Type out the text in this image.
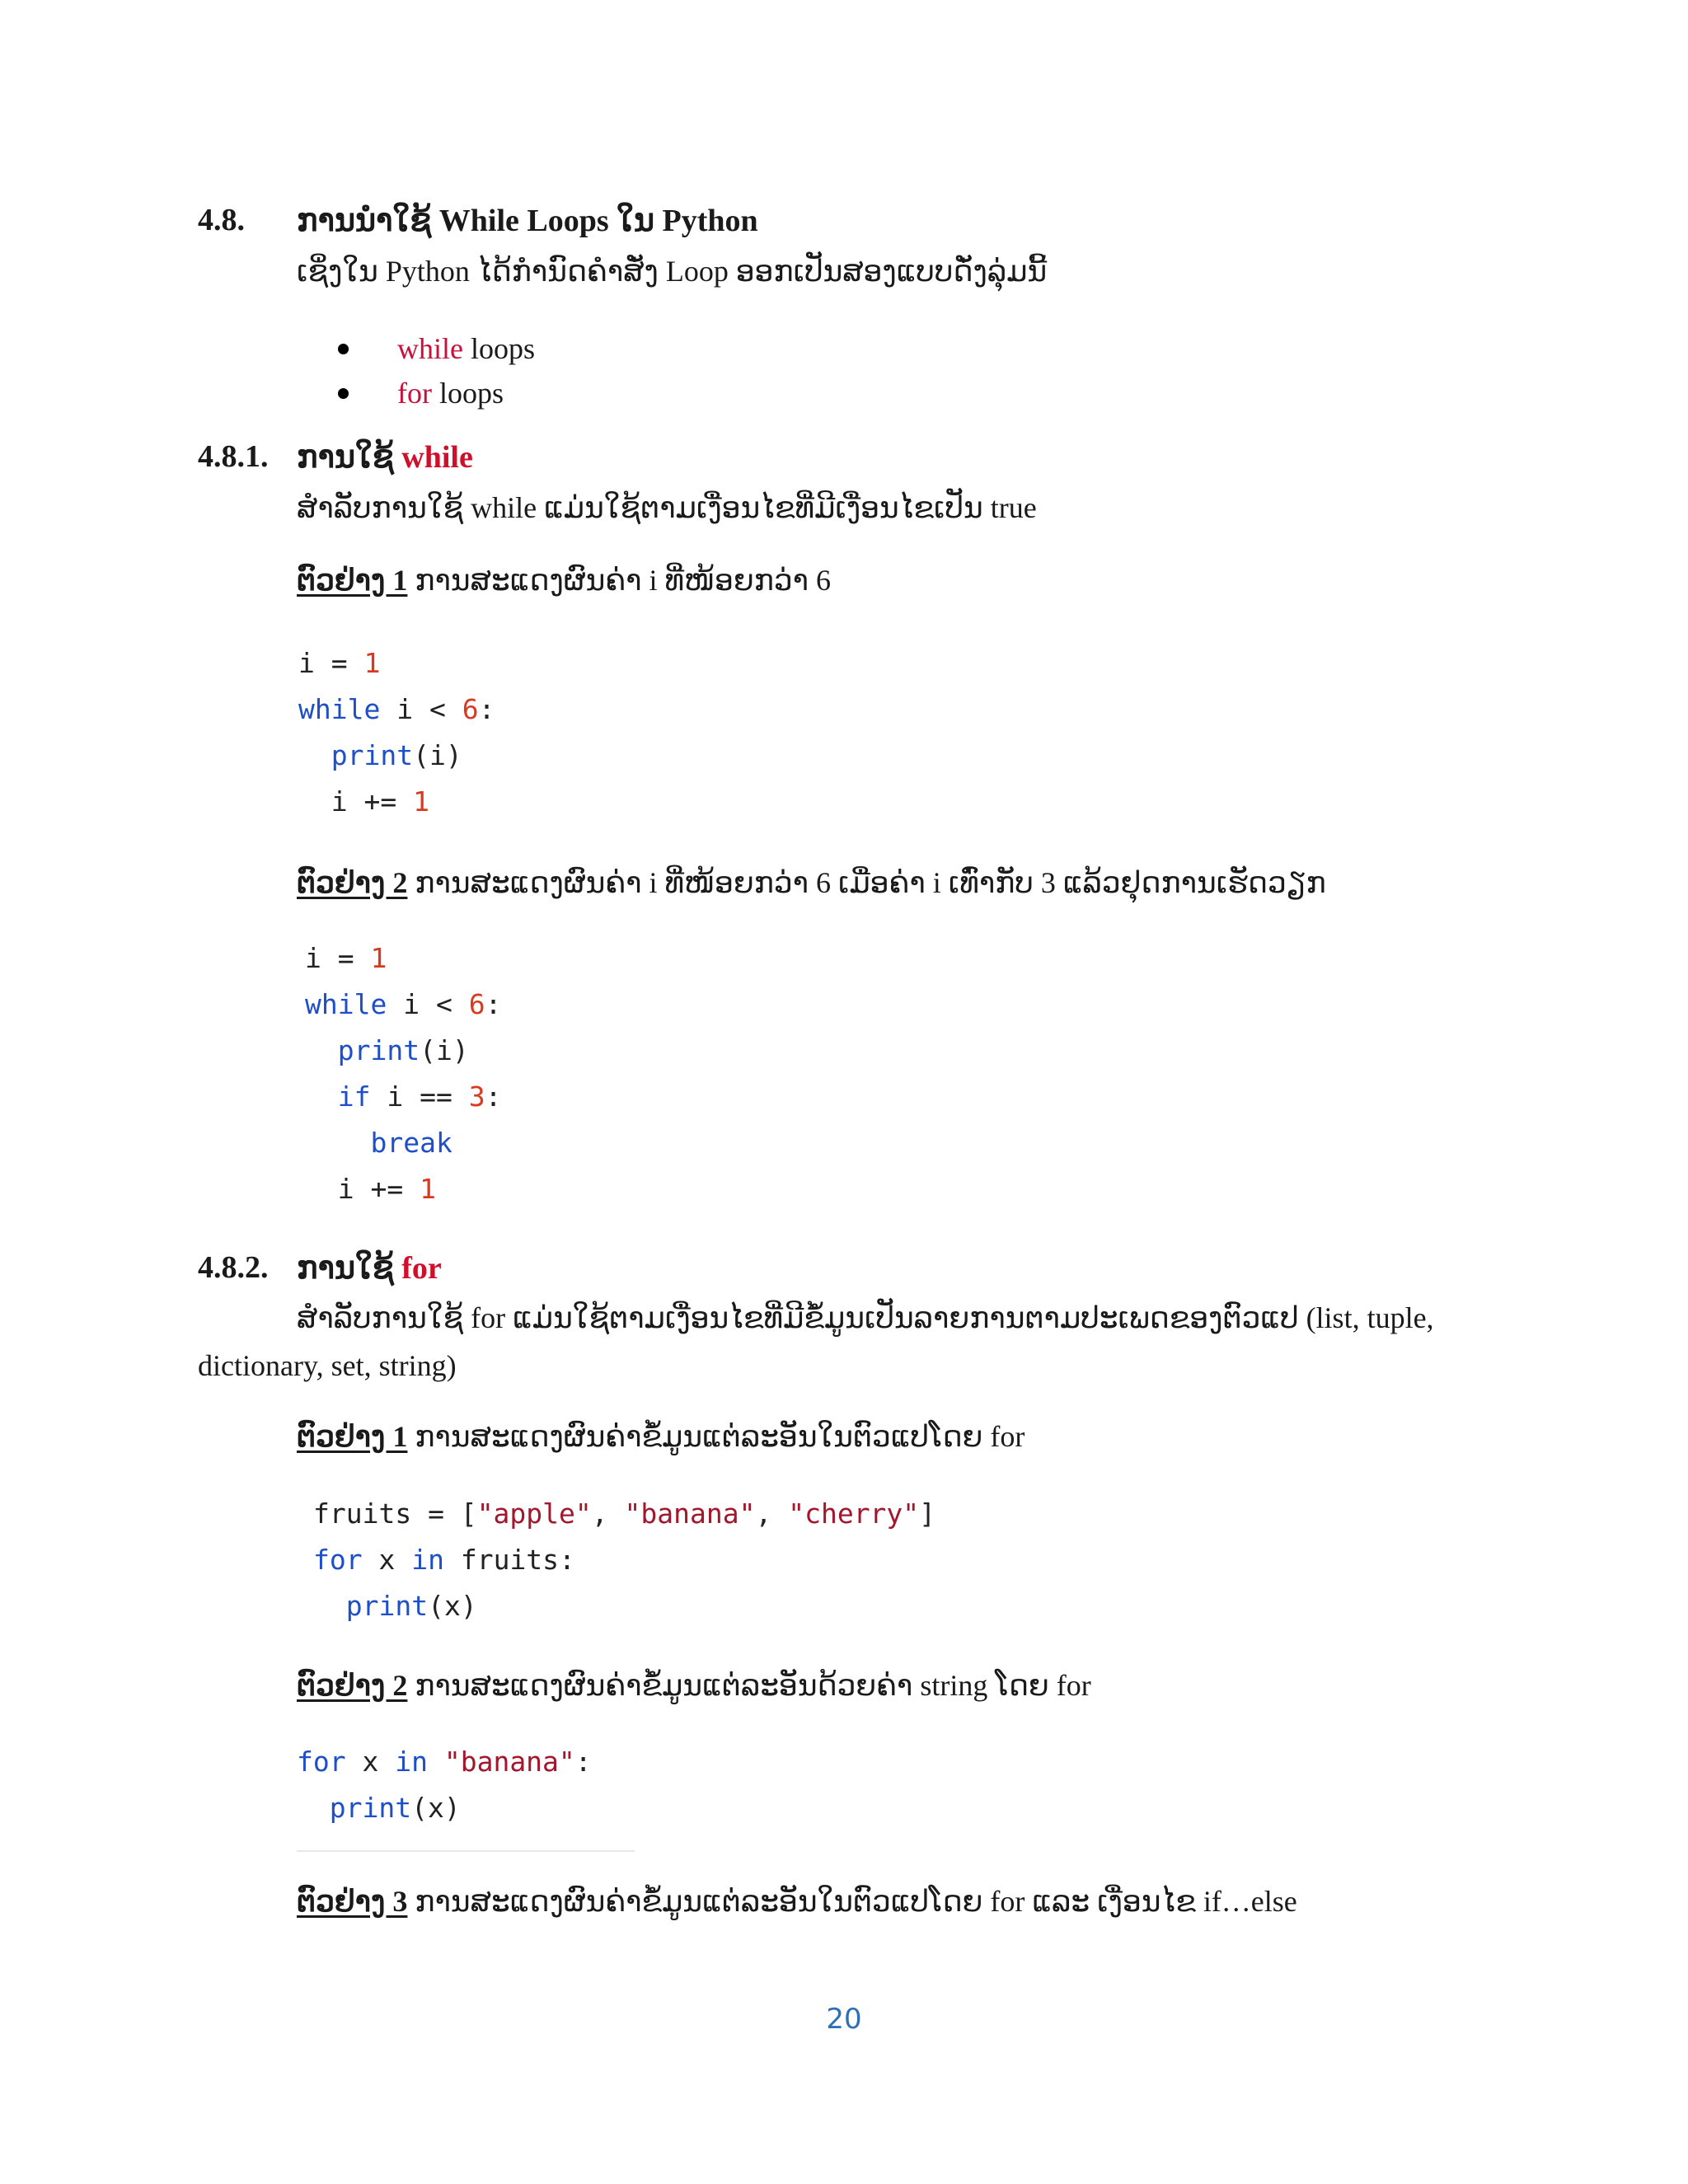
4.8. ການນຳໃຊ້ While Loops ໃນ Python
ເຊິ່ງໃນ Python ໄດ້ກຳນົດຄຳສັ່ງ Loop ອອກເປັນສອງແບບດັ່ງລຸ່ມນີ້
while loops
for loops
4.8.1. ການໃຊ້ while
ສຳລັບການໃຊ້ while ແມ່ນໃຊ້ຕາມເງື່ອນໄຂທີ່ມີເງື່ອນໄຂເປັນ true
ຕົວຢ່າງ 1 ການສະແດງຜົນຄ່າ i ທີ່ໜ້ອຍກວ່າ 6
i = 1
while i < 6:
print(i)
i += 1
ຕົວຢ່າງ 2 ການສະແດງຜົນຄ່າ i ທີ່ໜ້ອຍກວ່າ 6 ເມື່ອຄ່າ i ເທົ່າກັບ 3 ແລ້ວຢຸດການເຮັດວຽກ
i = 1
while i < 6:
print(i)
if i == 3:
break
i += 1
4.8.2. ການໃຊ້ for
ສຳລັບການໃຊ້ for ແມ່ນໃຊ້ຕາມເງື່ອນໄຂທີ່ມີຂໍ້ມູນເປັນລາຍການຕາມປະເພດຂອງຕົວແປ (list, tuple,
dictionary, set, string)
ຕົວຢ່າງ 1 ການສະແດງຜົນຄ່າຂໍ້ມູນແຕ່ລະອັນໃນຕົວແປໂດຍ for
fruits = ["apple", "banana", "cherry"]
for x in fruits:
print(x)
ຕົວຢ່າງ 2 ການສະແດງຜົນຄ່າຂໍ້ມູນແຕ່ລະອັນດ້ວຍຄ່າ string ໂດຍ for
for x in "banana":
print(x)
ຕົວຢ່າງ 3 ການສະແດງຜົນຄ່າຂໍ້ມູນແຕ່ລະອັນໃນຕົວແປໂດຍ for ແລະ ເງື່ອນໄຂ if…else
20
